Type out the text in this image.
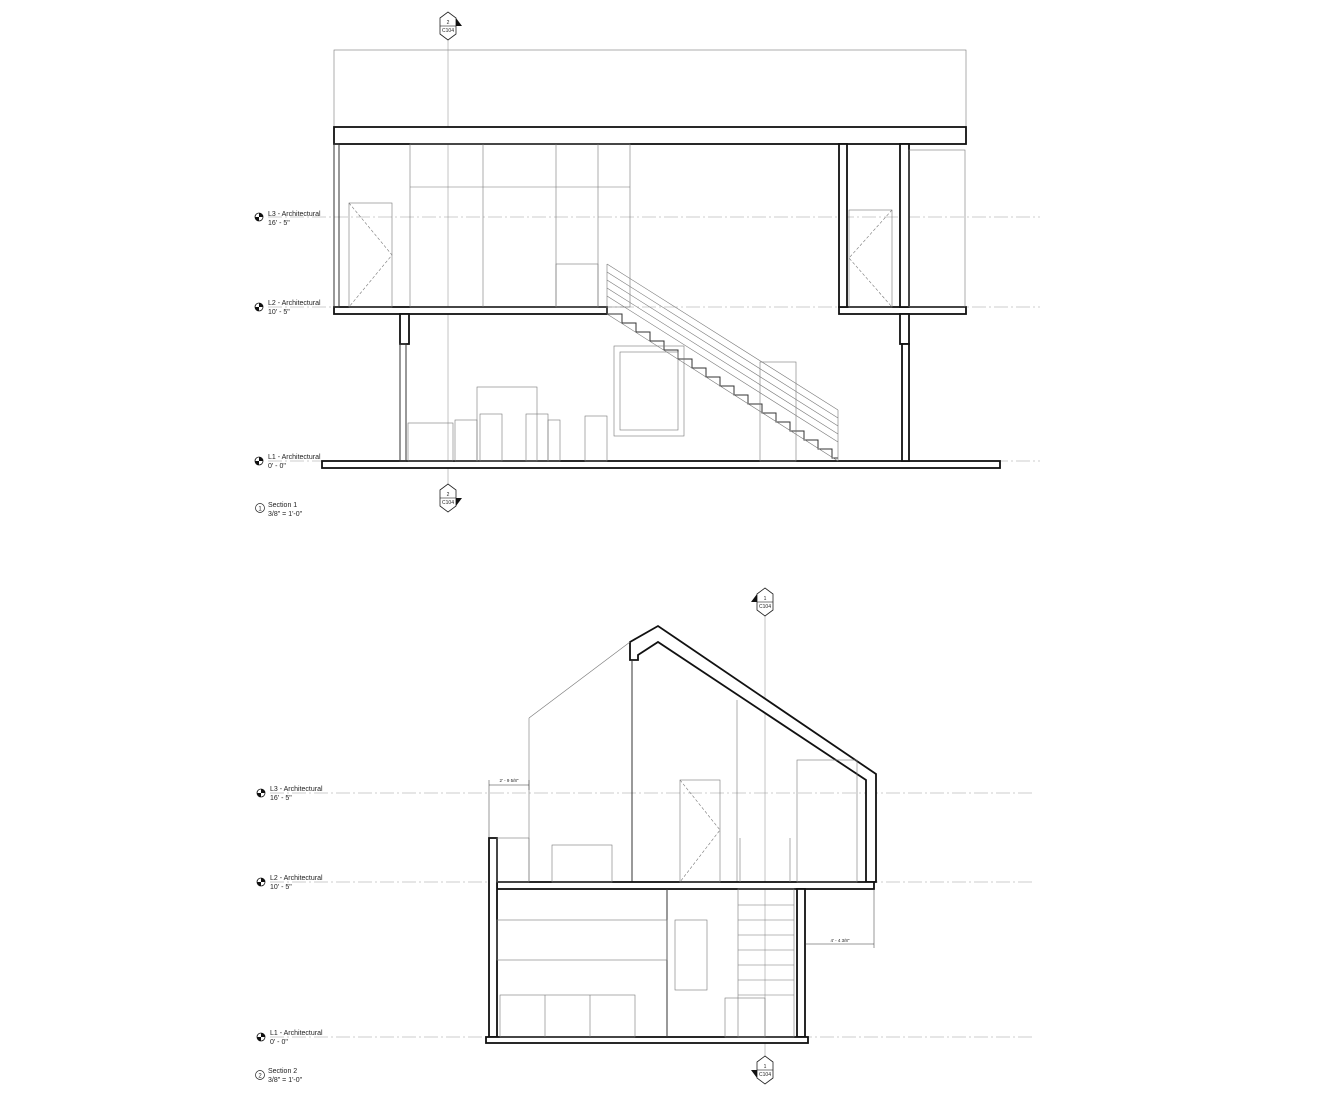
2
C104
2
C104
L3 - Architectural
16' - 5"
L2 - Architectural
10' - 5"
L1 - Architectural
0' - 0"
1
Section 1
3/8" = 1'-0"
2' - 9 5/8"
4' - 4 3/8"
1
C104
1
C104
L3 - Architectural
16' - 5"
L2 - Architectural
10' - 5"
L1 - Architectural
0' - 0"
2
Section 2
3/8" = 1'-0"
